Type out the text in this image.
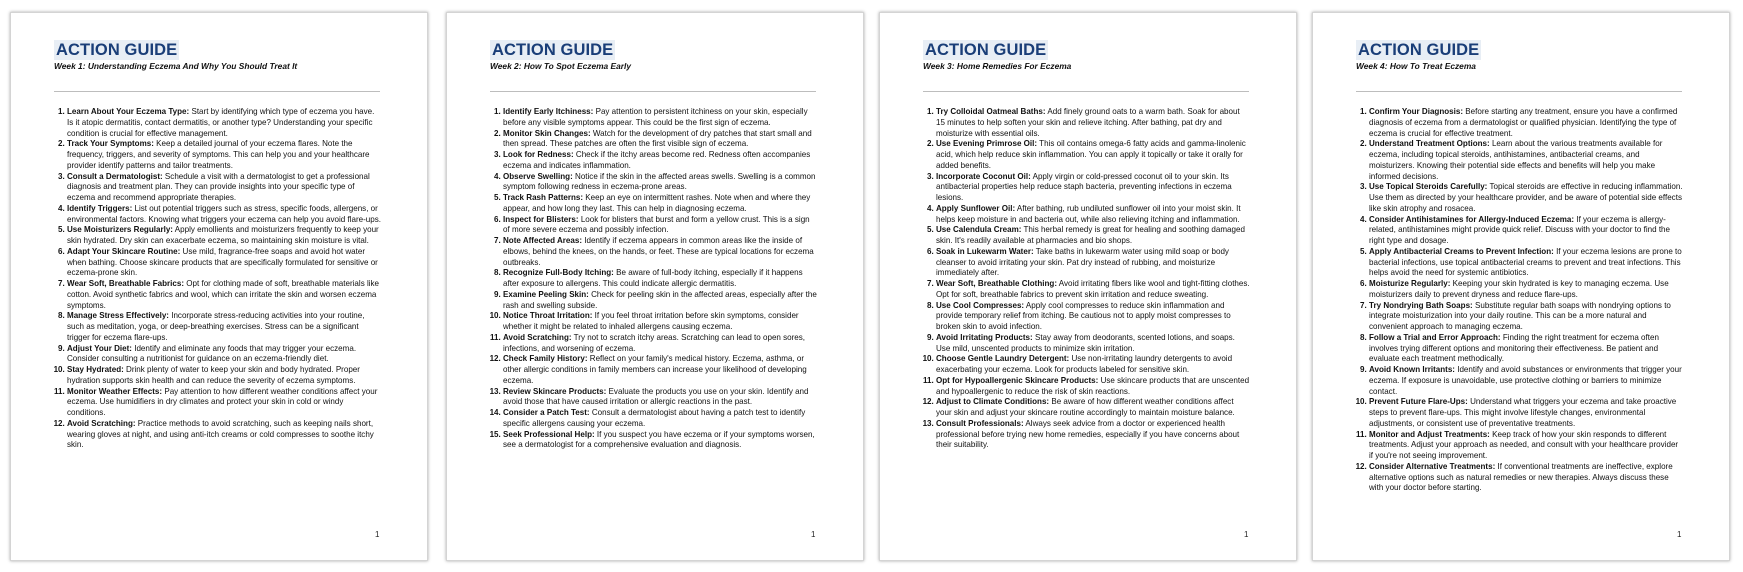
ACTION GUIDE
Week 1: Understanding Eczema And Why You Should Treat It
1. Learn About Your Eczema Type: Start by identifying which type of eczema you have. Is it atopic dermatitis, contact dermatitis, or another type? Understanding your specific condition is crucial for effective management.
2. Track Your Symptoms: Keep a detailed journal of your eczema flares. Note the frequency, triggers, and severity of symptoms. This can help you and your healthcare provider identify patterns and tailor treatments.
3. Consult a Dermatologist: Schedule a visit with a dermatologist to get a professional diagnosis and treatment plan. They can provide insights into your specific type of eczema and recommend appropriate therapies.
4. Identify Triggers: List out potential triggers such as stress, specific foods, allergens, or environmental factors. Knowing what triggers your eczema can help you avoid flare-ups.
5. Use Moisturizers Regularly: Apply emollients and moisturizers frequently to keep your skin hydrated. Dry skin can exacerbate eczema, so maintaining skin moisture is vital.
6. Adapt Your Skincare Routine: Use mild, fragrance-free soaps and avoid hot water when bathing. Choose skincare products that are specifically formulated for sensitive or eczema-prone skin.
7. Wear Soft, Breathable Fabrics: Opt for clothing made of soft, breathable materials like cotton. Avoid synthetic fabrics and wool, which can irritate the skin and worsen eczema symptoms.
8. Manage Stress Effectively: Incorporate stress-reducing activities into your routine, such as meditation, yoga, or deep-breathing exercises. Stress can be a significant trigger for eczema flare-ups.
9. Adjust Your Diet: Identify and eliminate any foods that may trigger your eczema. Consider consulting a nutritionist for guidance on an eczema-friendly diet.
10. Stay Hydrated: Drink plenty of water to keep your skin and body hydrated. Proper hydration supports skin health and can reduce the severity of eczema symptoms.
11. Monitor Weather Effects: Pay attention to how different weather conditions affect your eczema. Use humidifiers in dry climates and protect your skin in cold or windy conditions.
12. Avoid Scratching: Practice methods to avoid scratching, such as keeping nails short, wearing gloves at night, and using anti-itch creams or cold compresses to soothe itchy skin.
1
ACTION GUIDE
Week 2: How To Spot Eczema Early
1. Identify Early Itchiness: Pay attention to persistent itchiness on your skin, especially before any visible symptoms appear. This could be the first sign of eczema.
2. Monitor Skin Changes: Watch for the development of dry patches that start small and then spread. These patches are often the first visible sign of eczema.
3. Look for Redness: Check if the itchy areas become red. Redness often accompanies eczema and indicates inflammation.
4. Observe Swelling: Notice if the skin in the affected areas swells. Swelling is a common symptom following redness in eczema-prone areas.
5. Track Rash Patterns: Keep an eye on intermittent rashes. Note when and where they appear, and how long they last. This can help in diagnosing eczema.
6. Inspect for Blisters: Look for blisters that burst and form a yellow crust. This is a sign of more severe eczema and possibly infection.
7. Note Affected Areas: Identify if eczema appears in common areas like the inside of elbows, behind the knees, on the hands, or feet. These are typical locations for eczema outbreaks.
8. Recognize Full-Body Itching: Be aware of full-body itching, especially if it happens after exposure to allergens. This could indicate allergic dermatitis.
9. Examine Peeling Skin: Check for peeling skin in the affected areas, especially after the rash and swelling subside.
10. Notice Throat Irritation: If you feel throat irritation before skin symptoms, consider whether it might be related to inhaled allergens causing eczema.
11. Avoid Scratching: Try not to scratch itchy areas. Scratching can lead to open sores, infections, and worsening of eczema.
12. Check Family History: Reflect on your family's medical history. Eczema, asthma, or other allergic conditions in family members can increase your likelihood of developing eczema.
13. Review Skincare Products: Evaluate the products you use on your skin. Identify and avoid those that have caused irritation or allergic reactions in the past.
14. Consider a Patch Test: Consult a dermatologist about having a patch test to identify specific allergens causing your eczema.
15. Seek Professional Help: If you suspect you have eczema or if your symptoms worsen, see a dermatologist for a comprehensive evaluation and diagnosis.
1
ACTION GUIDE
Week 3: Home Remedies For Eczema
1. Try Colloidal Oatmeal Baths: Add finely ground oats to a warm bath. Soak for about 15 minutes to help soften your skin and relieve itching. After bathing, pat dry and moisturize with essential oils.
2. Use Evening Primrose Oil: This oil contains omega-6 fatty acids and gamma-linolenic acid, which help reduce skin inflammation. You can apply it topically or take it orally for added benefits.
3. Incorporate Coconut Oil: Apply virgin or cold-pressed coconut oil to your skin. Its antibacterial properties help reduce staph bacteria, preventing infections in eczema lesions.
4. Apply Sunflower Oil: After bathing, rub undiluted sunflower oil into your moist skin. It helps keep moisture in and bacteria out, while also relieving itching and inflammation.
5. Use Calendula Cream: This herbal remedy is great for healing and soothing damaged skin. It's readily available at pharmacies and bio shops.
6. Soak in Lukewarm Water: Take baths in lukewarm water using mild soap or body cleanser to avoid irritating your skin. Pat dry instead of rubbing, and moisturize immediately after.
7. Wear Soft, Breathable Clothing: Avoid irritating fibers like wool and tight-fitting clothes. Opt for soft, breathable fabrics to prevent skin irritation and reduce sweating.
8. Use Cool Compresses: Apply cool compresses to reduce skin inflammation and provide temporary relief from itching. Be cautious not to apply moist compresses to broken skin to avoid infection.
9. Avoid Irritating Products: Stay away from deodorants, scented lotions, and soaps. Use mild, unscented products to minimize skin irritation.
10. Choose Gentle Laundry Detergent: Use non-irritating laundry detergents to avoid exacerbating your eczema. Look for products labeled for sensitive skin.
11. Opt for Hypoallergenic Skincare Products: Use skincare products that are unscented and hypoallergenic to reduce the risk of skin reactions.
12. Adjust to Climate Conditions: Be aware of how different weather conditions affect your skin and adjust your skincare routine accordingly to maintain moisture balance.
13. Consult Professionals: Always seek advice from a doctor or experienced health professional before trying new home remedies, especially if you have concerns about their suitability.
1
ACTION GUIDE
Week 4: How To Treat Eczema
1. Confirm Your Diagnosis: Before starting any treatment, ensure you have a confirmed diagnosis of eczema from a dermatologist or qualified physician. Identifying the type of eczema is crucial for effective treatment.
2. Understand Treatment Options: Learn about the various treatments available for eczema, including topical steroids, antihistamines, antibacterial creams, and moisturizers. Knowing their potential side effects and benefits will help you make informed decisions.
3. Use Topical Steroids Carefully: Topical steroids are effective in reducing inflammation. Use them as directed by your healthcare provider, and be aware of potential side effects like skin atrophy and rosacea.
4. Consider Antihistamines for Allergy-Induced Eczema: If your eczema is allergy-related, antihistamines might provide quick relief. Discuss with your doctor to find the right type and dosage.
5. Apply Antibacterial Creams to Prevent Infection: If your eczema lesions are prone to bacterial infections, use topical antibacterial creams to prevent and treat infections. This helps avoid the need for systemic antibiotics.
6. Moisturize Regularly: Keeping your skin hydrated is key to managing eczema. Use moisturizers daily to prevent dryness and reduce flare-ups.
7. Try Nondrying Bath Soaps: Substitute regular bath soaps with nondrying options to integrate moisturization into your daily routine. This can be a more natural and convenient approach to managing eczema.
8. Follow a Trial and Error Approach: Finding the right treatment for eczema often involves trying different options and monitoring their effectiveness. Be patient and evaluate each treatment methodically.
9. Avoid Known Irritants: Identify and avoid substances or environments that trigger your eczema. If exposure is unavoidable, use protective clothing or barriers to minimize contact.
10. Prevent Future Flare-Ups: Understand what triggers your eczema and take proactive steps to prevent flare-ups. This might involve lifestyle changes, environmental adjustments, or consistent use of preventative treatments.
11. Monitor and Adjust Treatments: Keep track of how your skin responds to different treatments. Adjust your approach as needed, and consult with your healthcare provider if you're not seeing improvement.
12. Consider Alternative Treatments: If conventional treatments are ineffective, explore alternative options such as natural remedies or new therapies. Always discuss these with your doctor before starting.
1
